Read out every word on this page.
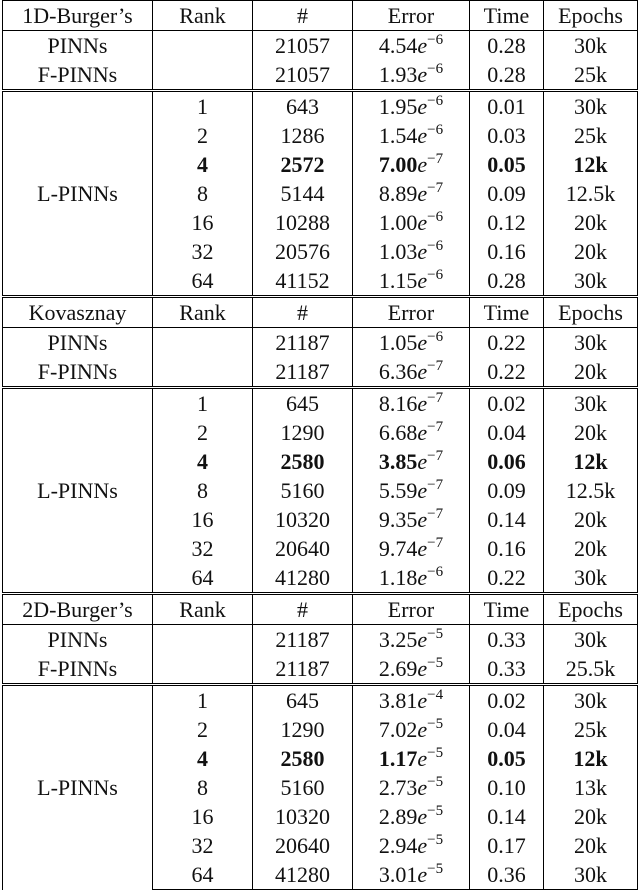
1D-Burger’s	Rank	#	Error	Time	Epochs
PINNs		21057	$4.54e^{-6}$	0.28	30k
F-PINNs		21057	$1.93e^{-6}$	0.28	25k
L-PINNs	1	643	$1.95e^{-6}$	0.01	30k
	2	1286	$1.54e^{-6}$	0.03	25k
	4	2572	$7.00e^{-7}$	0.05	12k
	8	5144	$8.89e^{-7}$	0.09	12.5k
	16	10288	$1.00e^{-6}$	0.12	20k
	32	20576	$1.03e^{-6}$	0.16	20k
	64	41152	$1.15e^{-6}$	0.28	30k
Kovasznay	Rank	#	Error	Time	Epochs
PINNs		21187	$1.05e^{-6}$	0.22	30k
F-PINNs		21187	$6.36e^{-7}$	0.22	20k
L-PINNs	1	645	$8.16e^{-7}$	0.02	30k
	2	1290	$6.68e^{-7}$	0.04	20k
	4	2580	$3.85e^{-7}$	0.06	12k
	8	5160	$5.59e^{-7}$	0.09	12.5k
	16	10320	$9.35e^{-7}$	0.14	20k
	32	20640	$9.74e^{-7}$	0.16	20k
	64	41280	$1.18e^{-6}$	0.22	30k
2D-Burger’s	Rank	#	Error	Time	Epochs
PINNs		21187	$3.25e^{-5}$	0.33	30k
F-PINNs		21187	$2.69e^{-5}$	0.33	25.5k
L-PINNs	1	645	$3.81e^{-4}$	0.02	30k
	2	1290	$7.02e^{-5}$	0.04	25k
	4	2580	$1.17e^{-5}$	0.05	12k
	8	5160	$2.73e^{-5}$	0.10	13k
	16	10320	$2.89e^{-5}$	0.14	20k
	32	20640	$2.94e^{-5}$	0.17	20k
	64	41280	$3.01e^{-5}$	0.36	30k
